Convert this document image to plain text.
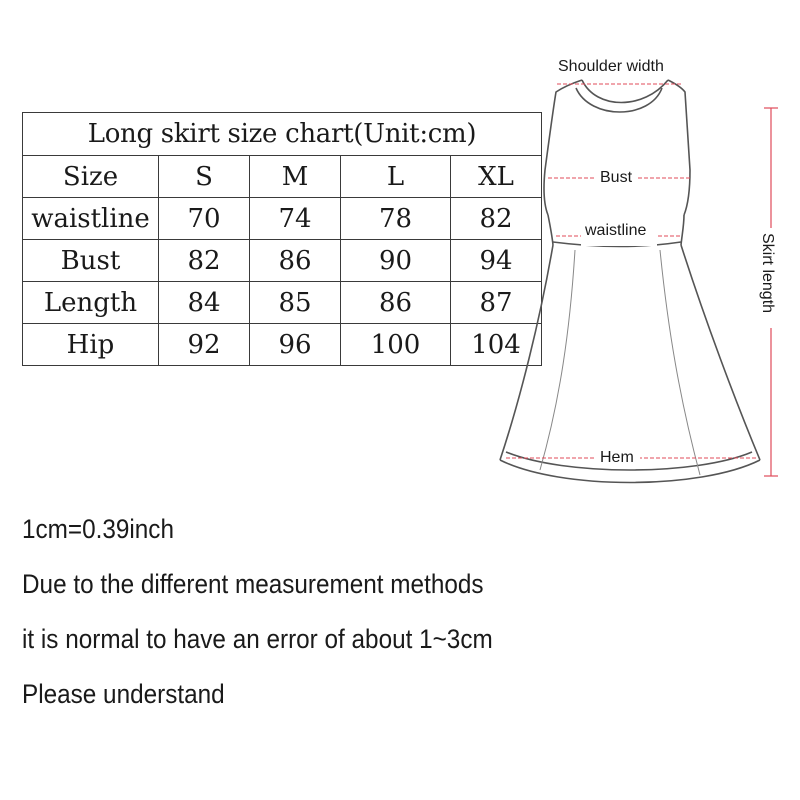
Long skirt size chart(Unit:cm)				
Size	S	M	L	XL
waistline	70	74	78	82
Bust	82	86	90	94
Length	84	85	86	87
Hip	92	96	100	104
Shoulder width
Bust
waistline
Hem
Skirt length
1cm=0.39inch
Due to the different measurement methods
it is normal to have an error of about 1~3cm
Please understand
